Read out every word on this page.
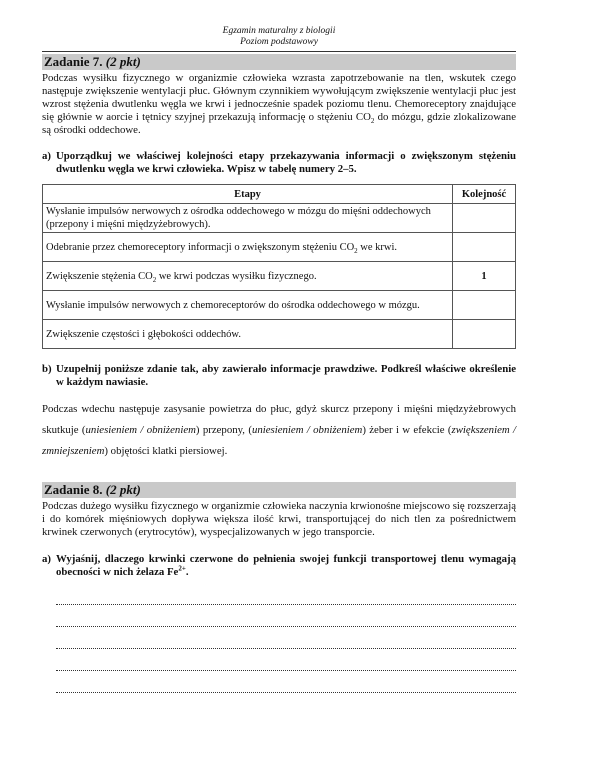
Egzamin maturalny z biologii
Poziom podstawowy
Zadanie 7. (2 pkt)
Podczas wysiłku fizycznego w organizmie człowieka wzrasta zapotrzebowanie na tlen, wskutek czego następuje zwiększenie wentylacji płuc. Głównym czynnikiem wywołującym zwiększenie wentylacji płuc jest wzrost stężenia dwutlenku węgla we krwi i jednocześnie spadek poziomu tlenu. Chemoreceptory znajdujące się głównie w aorcie i tętnicy szyjnej przekazują informację o stężeniu $CO_2$ do mózgu, gdzie zlokalizowane są ośrodki oddechowe.
a) Uporządkuj we właściwej kolejności etapy przekazywania informacji o zwiększonym stężeniu dwutlenku węgla we krwi człowieka. Wpisz w tabelę numery 2–5.
Etapy	Kolejność
Wysłanie impulsów nerwowych z ośrodka oddechowego w mózgu do mięśni oddechowych (przepony i mięśni międzyżebrowych).	
Odebranie przez chemoreceptory informacji o zwiększonym stężeniu $CO_2$ we krwi.	
Zwiększenie stężenia $CO_2$ we krwi podczas wysiłku fizycznego.	1
Wysłanie impulsów nerwowych z chemoreceptorów do ośrodka oddechowego w mózgu.	
Zwiększenie częstości i głębokości oddechów.	
b) Uzupełnij poniższe zdanie tak, aby zawierało informacje prawdziwe. Podkreśl właściwe określenie w każdym nawiasie.
Podczas wdechu następuje zasysanie powietrza do płuc, gdyż skurcz przepony i mięśni międzyżebrowych skutkuje (uniesieniem / obniżeniem) przepony, (uniesieniem / obniżeniem) żeber i w efekcie (zwiększeniem / zmniejszeniem) objętości klatki piersiowej.
Zadanie 8. (2 pkt)
Podczas dużego wysiłku fizycznego w organizmie człowieka naczynia krwionośne miejscowo się rozszerzają i do komórek mięśniowych dopływa większa ilość krwi, transportującej do nich tlen za pośrednictwem krwinek czerwonych (erytrocytów), wyspecjalizowanych w jego transporcie.
a) Wyjaśnij, dlaczego krwinki czerwone do pełnienia swojej funkcji transportowej tlenu wymagają obecności w nich żelaza $Fe^{2+}$.
